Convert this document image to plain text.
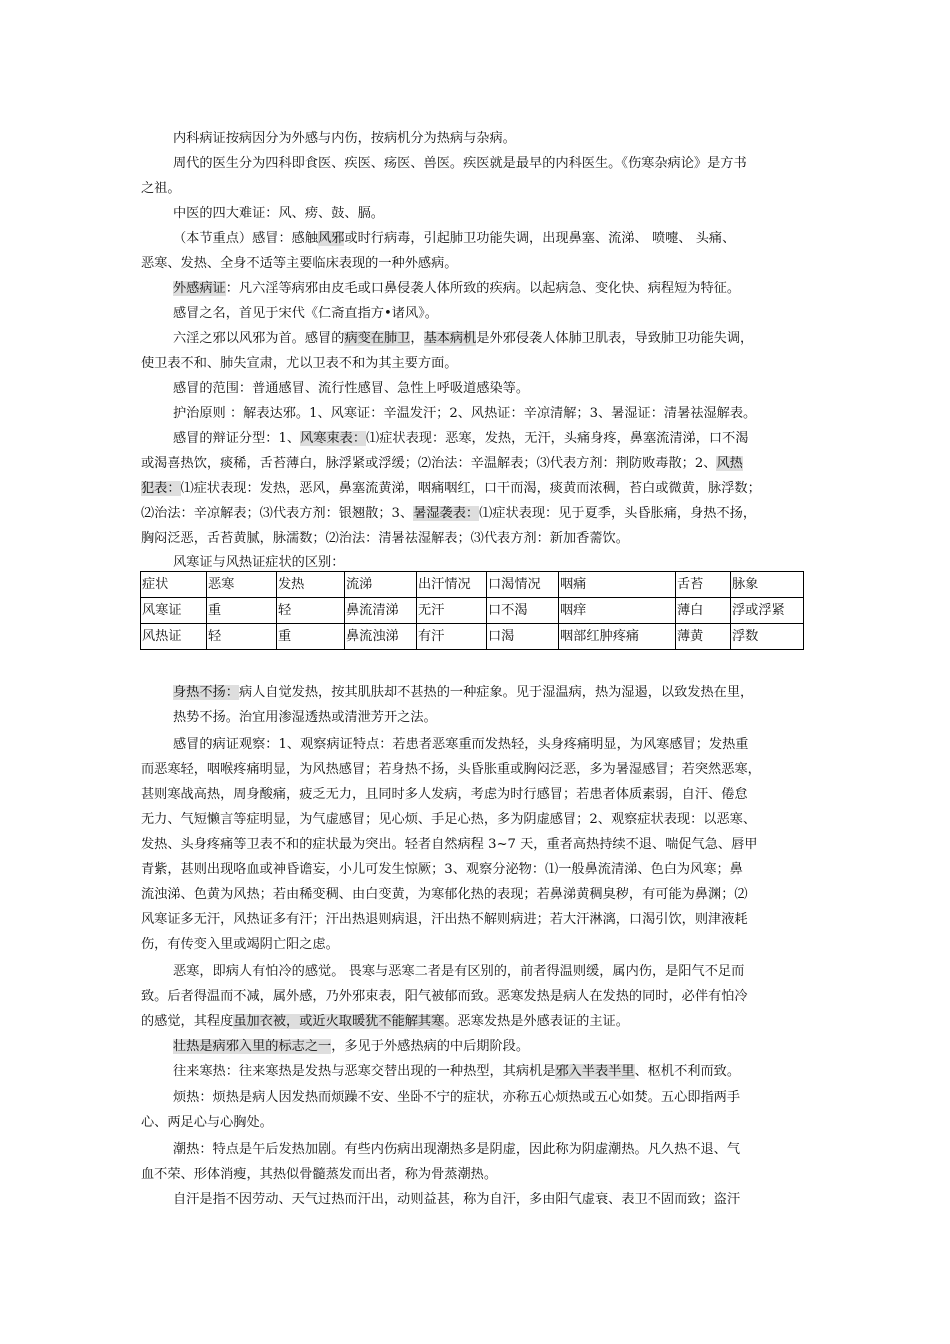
内科病证按病因分为外感与内伤，按病机分为热病与杂病。

周代的医生分为四科即食医、疾医、疡医、兽医。疾医就是最早的内科医生。《伤寒杂病论》是方书

之祖。

中医的四大难证：风、痨、鼓、膈。

（本节重点）感冒：感触风邪或时行病毒，引起肺卫功能失调，出现鼻塞、流涕、 喷嚏、 头痛、

恶寒、发热、全身不适等主要临床表现的一种外感病。

外感病证：凡六淫等病邪由皮毛或口鼻侵袭人体所致的疾病。以起病急、变化快、病程短为特征。

感冒之名，首见于宋代《仁斋直指方•诸风》。

六淫之邪以风邪为首。感冒的病变在肺卫，基本病机是外邪侵袭人体肺卫肌表，导致肺卫功能失调，

使卫表不和、肺失宣肃，尤以卫表不和为其主要方面。

感冒的范围：普通感冒、流行性感冒、急性上呼吸道感染等。

护治原则 ：解表达邪。1、风寒证：辛温发汗；2、风热证：辛凉清解；3、暑湿证：清暑祛湿解表。

感冒的辩证分型：1、风寒束表：⑴症状表现：恶寒，发热，无汗，头痛身疼，鼻塞流清涕，口不渴

或渴喜热饮，痰稀，舌苔薄白，脉浮紧或浮缓；⑵治法：辛温解表；⑶代表方剂：荆防败毒散；2、风热

犯表：⑴症状表现：发热，恶风，鼻塞流黄涕，咽痛咽红，口干而渴，痰黄而浓稠，苔白或微黄，脉浮数；

⑵治法：辛凉解表；⑶代表方剂：银翘散；3、暑湿袭表：⑴症状表现：见于夏季，头昏胀痛，身热不扬，

胸闷泛恶，舌苔黄腻，脉濡数；⑵治法：清暑祛湿解表；⑶代表方剂：新加香薷饮。

风寒证与风热证症状的区别：

症状	恶寒	发热	流涕	出汗情况	口渴情况	咽痛	舌苔	脉象
风寒证	重	轻	鼻流清涕	无汗	口不渴	咽痒	薄白	浮或浮紧
风热证	轻	重	鼻流浊涕	有汗	口渴	咽部红肿疼痛	薄黄	浮数

身热不扬：病人自觉发热，按其肌肤却不甚热的一种症象。见于湿温病，热为湿遏，以致发热在里，

热势不扬。治宜用渗湿透热或清泄芳开之法。

感冒的病证观察：1、观察病证特点：若患者恶寒重而发热轻，头身疼痛明显，为风寒感冒；发热重

而恶寒轻，咽喉疼痛明显，为风热感冒；若身热不扬，头昏胀重或胸闷泛恶，多为暑湿感冒；若突然恶寒，

甚则寒战高热，周身酸痛，疲乏无力，且同时多人发病，考虑为时行感冒；若患者体质素弱，自汗、倦怠

无力、气短懒言等症明显，为气虚感冒；见心烦、手足心热，多为阴虚感冒；2、观察症状表现：以恶寒、

发热、头身疼痛等卫表不和的症状最为突出。轻者自然病程 3~7 天，重者高热持续不退、喘促气急、唇甲

青紫，甚则出现咯血或神昏谵妄，小儿可发生惊厥；3、观察分泌物：⑴一般鼻流清涕、色白为风寒；鼻

流浊涕、色黄为风热；若由稀变稠、由白变黄，为寒郁化热的表现；若鼻涕黄稠臭秽，有可能为鼻渊；⑵

风寒证多无汗，风热证多有汗；汗出热退则病退，汗出热不解则病进；若大汗淋漓，口渴引饮，则津液耗

伤，有传变入里或竭阴亡阳之虑。

恶寒，即病人有怕冷的感觉。 畏寒与恶寒二者是有区别的，前者得温则缓，属内伤，是阳气不足而

致。后者得温而不减，属外感，乃外邪束表，阳气被郁而致。恶寒发热是病人在发热的同时，必伴有怕冷

的感觉，其程度虽加衣被，或近火取暖犹不能解其寒。恶寒发热是外感表证的主证。

壮热是病邪入里的标志之一，多见于外感热病的中后期阶段。

往来寒热：往来寒热是发热与恶寒交替出现的一种热型，其病机是邪入半表半里、枢机不利而致。

烦热：烦热是病人因发热而烦躁不安、坐卧不宁的症状，亦称五心烦热或五心如焚。五心即指两手

心、两足心与心胸处。

潮热：特点是午后发热加剧。有些内伤病出现潮热多是阴虚，因此称为阴虚潮热。凡久热不退、气

血不荣、形体消瘦，其热似骨髓蒸发而出者，称为骨蒸潮热。

自汗是指不因劳动、天气过热而汗出，动则益甚，称为自汗，多由阳气虚衰、表卫不固而致；盗汗
